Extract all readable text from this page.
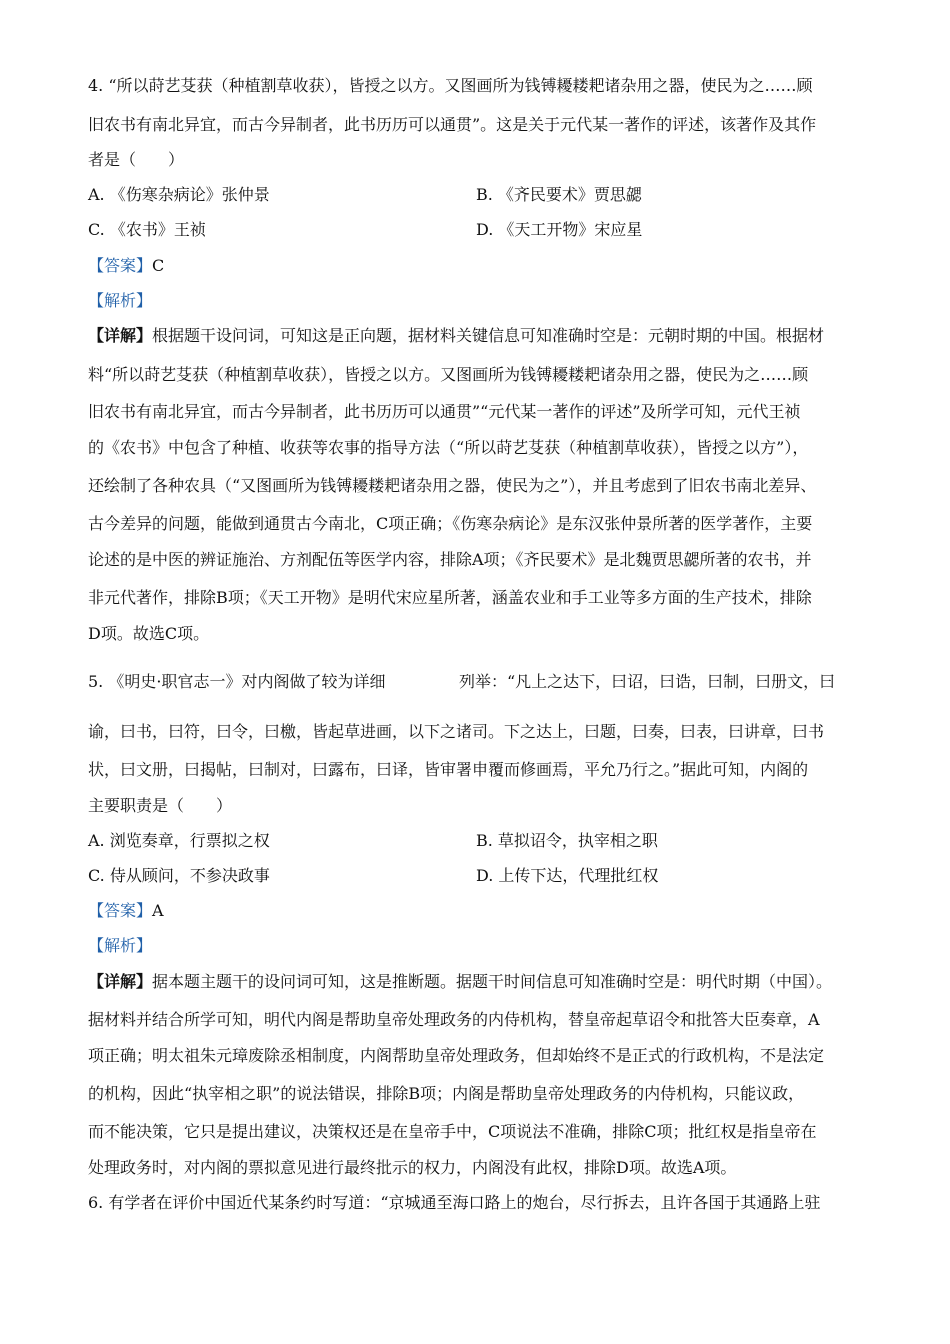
4. “所以莳艺芟获（种植割草收获），皆授之以方。又图画所为钱镈耰耧耙诸杂用之器，使民为之……顾
旧农书有南北异宜，而古今异制者，此书历历可以通贯”。这是关于元代某一著作的评述，该著作及其作
者是（　　）
A. 《伤寒杂病论》张仲景	B. 《齐民要术》贾思勰
C. 《农书》王祯	D. 《天工开物》宋应星
【答案】C
【解析】
【详解】根据题干设问词，可知这是正向题，据材料关键信息可知准确时空是：元朝时期的中国。根据材
料“所以莳艺芟获（种植割草收获），皆授之以方。又图画所为钱镈耰耧耙诸杂用之器，使民为之……顾
旧农书有南北异宜，而古今异制者，此书历历可以通贯”“元代某一著作的评述”及所学可知，元代王祯
的《农书》中包含了种植、收获等农事的指导方法（“所以莳艺芟获（种植割草收获），皆授之以方”），
还绘制了各种农具（“又图画所为钱镈耰耧耙诸杂用之器，使民为之”），并且考虑到了旧农书南北差异、
古今差异的问题，能做到通贯古今南北，C项正确；《伤寒杂病论》是东汉张仲景所著的医学著作，主要
论述的是中医的辨证施治、方剂配伍等医学内容，排除A项；《齐民要术》是北魏贾思勰所著的农书，并
非元代著作，排除B项；《天工开物》是明代宋应星所著，涵盖农业和手工业等多方面的生产技术，排除
D项。故选C项。
5. 《明史·职官志一》对内阁做了较为详细	列举：“凡上之达下，曰诏，曰诰，曰制，曰册文，曰
谕，曰书，曰符，曰令，曰檄，皆起草进画，以下之诸司。下之达上，曰题，曰奏，曰表，曰讲章，曰书
状，曰文册，曰揭帖，曰制对，曰露布，曰译，皆审署申覆而修画焉，平允乃行之。”据此可知，内阁的
主要职责是（　　）
A. 浏览奏章，行票拟之权	B. 草拟诏令，执宰相之职
C. 侍从顾问，不参决政事	D. 上传下达，代理批红权
【答案】A
【解析】
【详解】据本题主题干的设问词可知，这是推断题。据题干时间信息可知准确时空是：明代时期（中国）。
据材料并结合所学可知，明代内阁是帮助皇帝处理政务的内侍机构，替皇帝起草诏令和批答大臣奏章，A
项正确；明太祖朱元璋废除丞相制度，内阁帮助皇帝处理政务，但却始终不是正式的行政机构，不是法定
的机构，因此“执宰相之职”的说法错误，排除B项；内阁是帮助皇帝处理政务的内侍机构，只能议政，
而不能决策，它只是提出建议，决策权还是在皇帝手中，C项说法不准确，排除C项；批红权是指皇帝在
处理政务时，对内阁的票拟意见进行最终批示的权力，内阁没有此权，排除D项。故选A项。
6. 有学者在评价中国近代某条约时写道：“京城通至海口路上的炮台，尽行拆去，且许各国于其通路上驻
